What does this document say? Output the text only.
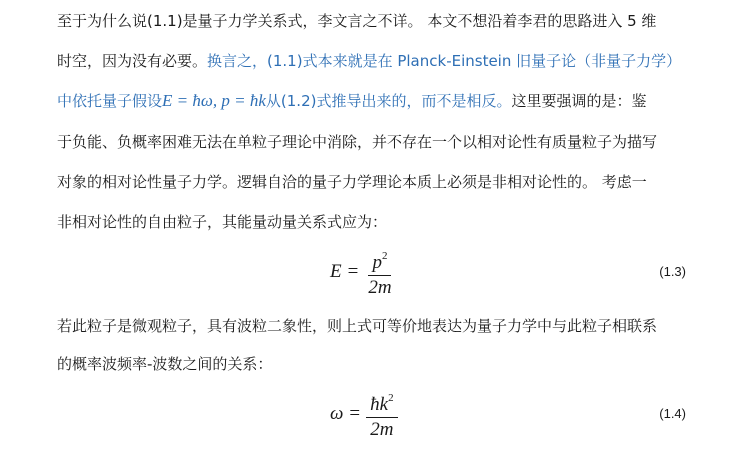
至于为什么说(1.1)是量子力学关系式，李文言之不详。 本文不想沿着李君的思路进入 5 维
时空，因为没有必要。换言之，(1.1)式本来就是在 Planck-Einstein 旧量子论（非量子力学）
中依托量子假设E = ħω, p = ħk从(1.2)式推导出来的，而不是相反。这里要强调的是：鉴
于负能、负概率困难无法在单粒子理论中消除，并不存在一个以相对论性有质量粒子为描写
对象的相对论性量子力学。逻辑自洽的量子力学理论本质上必须是非相对论性的。 考虑一
非相对论性的自由粒子，其能量动量关系式应为：
$E = \frac{p^2}{2m}$	(1.3)
若此粒子是微观粒子，具有波粒二象性，则上式可等价地表达为量子力学中与此粒子相联系
的概率波频率-波数之间的关系：
$\omega = \frac{ħk^2}{2m}$	(1.4)
